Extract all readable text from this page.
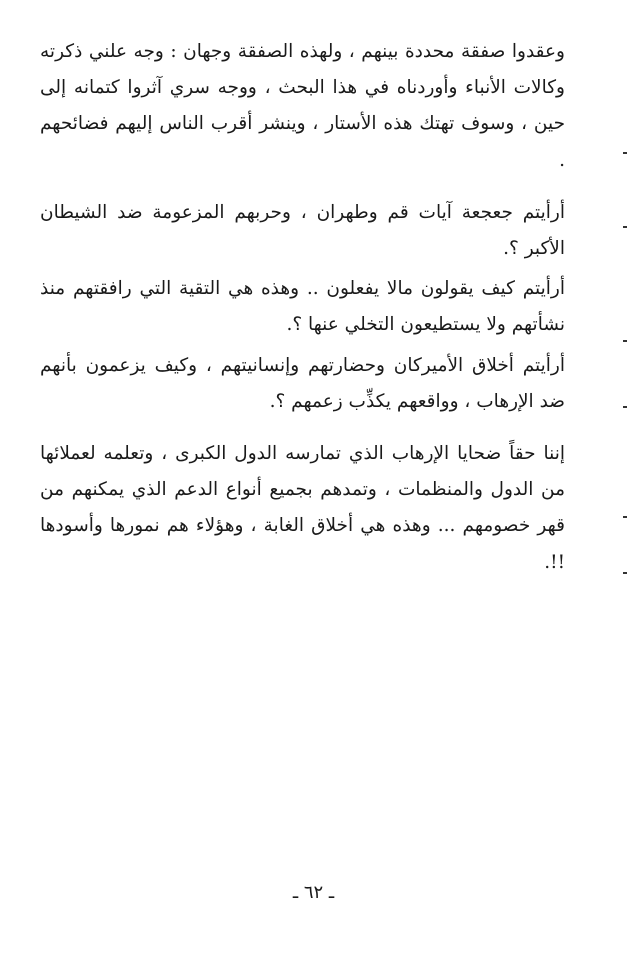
وعقدوا صفقة محددة بينهم ، ولهذه الصفقة وجهان : وجه علني ذكرته وكالات الأنباء وأوردناه في هذا البحث ، ووجه سري آثروا كتمانه إلى حين ، وسوف تهتك هذه الأستار ، وينشر أقرب الناس إليهم فضائحهم .

أرأيتم جعجعة آيات قم وطهران ، وحربهم المزعومة ضد الشيطان الأكبر ؟.

أرأيتم كيف يقولون مالا يفعلون .. وهذه هي التقية التي رافقتهم منذ نشأتهم ولا يستطيعون التخلي عنها ؟.

أرأيتم أخلاق الأميركان وحضارتهم وإنسانيتهم ، وكيف يزعمون بأنهم ضد الإرهاب ، وواقعهم يكذِّب زعمهم ؟.

إننا حقاً ضحايا الإرهاب الذي تمارسه الدول الكبرى ، وتعلمه لعملائها من الدول والمنظمات ، وتمدهم بجميع أنواع الدعم الذي يمكنهم من قهر خصومهم ... وهذه هي أخلاق الغابة ، وهؤلاء هم نمورها وأسودها !!.

ـ ٦٢ ـ
